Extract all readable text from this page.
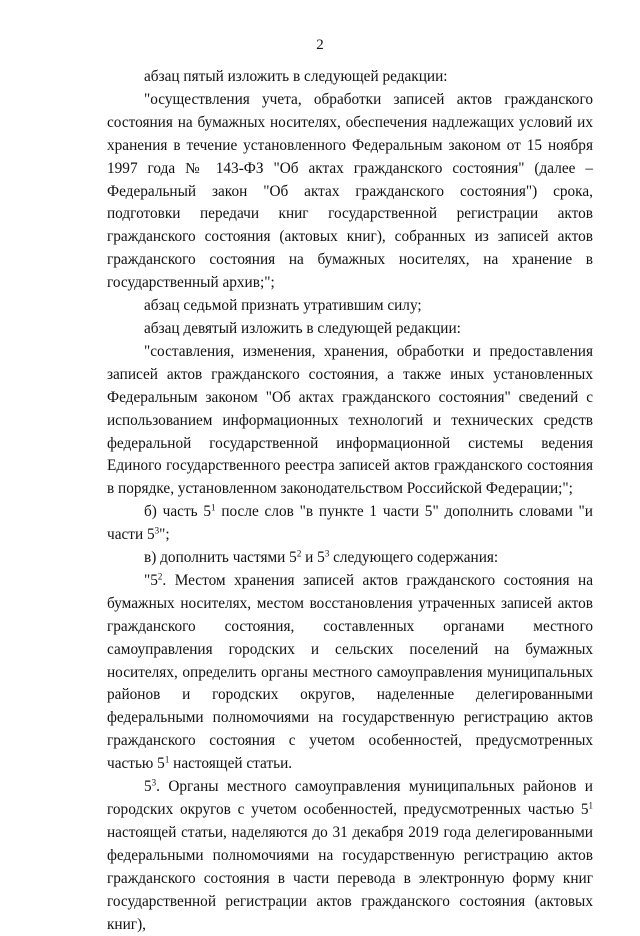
2

абзац пятый изложить в следующей редакции:

"осуществления учета, обработки записей актов гражданского состояния на бумажных носителях, обеспечения надлежащих условий их хранения в течение установленного Федеральным законом от 15 ноября 1997 года № 143-ФЗ "Об актах гражданского состояния" (далее – Федеральный закон "Об актах гражданского состояния") срока, подготовки передачи книг государственной регистрации актов гражданского состояния (актовых книг), собранных из записей актов гражданского состояния на бумажных носителях, на хранение в государственный архив;";

абзац седьмой признать утратившим силу;

абзац девятый изложить в следующей редакции:

"составления, изменения, хранения, обработки и предоставления записей актов гражданского состояния, а также иных установленных Федеральным законом "Об актах гражданского состояния" сведений с использованием информационных технологий и технических средств федеральной государственной информационной системы ведения Единого государственного реестра записей актов гражданского состояния в порядке, установленном законодательством Российской Федерации;";

б) часть $5^1$ после слов "в пункте 1 части 5" дополнить словами "и части $5^3$";

в) дополнить частями $5^2$ и $5^3$ следующего содержания:

"$5^2$. Местом хранения записей актов гражданского состояния на бумажных носителях, местом восстановления утраченных записей актов гражданского состояния, составленных органами местного самоуправления городских и сельских поселений на бумажных носителях, определить органы местного самоуправления муниципальных районов и городских округов, наделенные делегированными федеральными полномочиями на государственную регистрацию актов гражданского состояния с учетом особенностей, предусмотренных частью $5^1$ настоящей статьи.

$5^3$. Органы местного самоуправления муниципальных районов и городских округов с учетом особенностей, предусмотренных частью $5^1$ настоящей статьи, наделяются до 31 декабря 2019 года делегированными федеральными полномочиями на государственную регистрацию актов гражданского состояния в части перевода в электронную форму книг государственной регистрации актов гражданского состояния (актовых книг),
